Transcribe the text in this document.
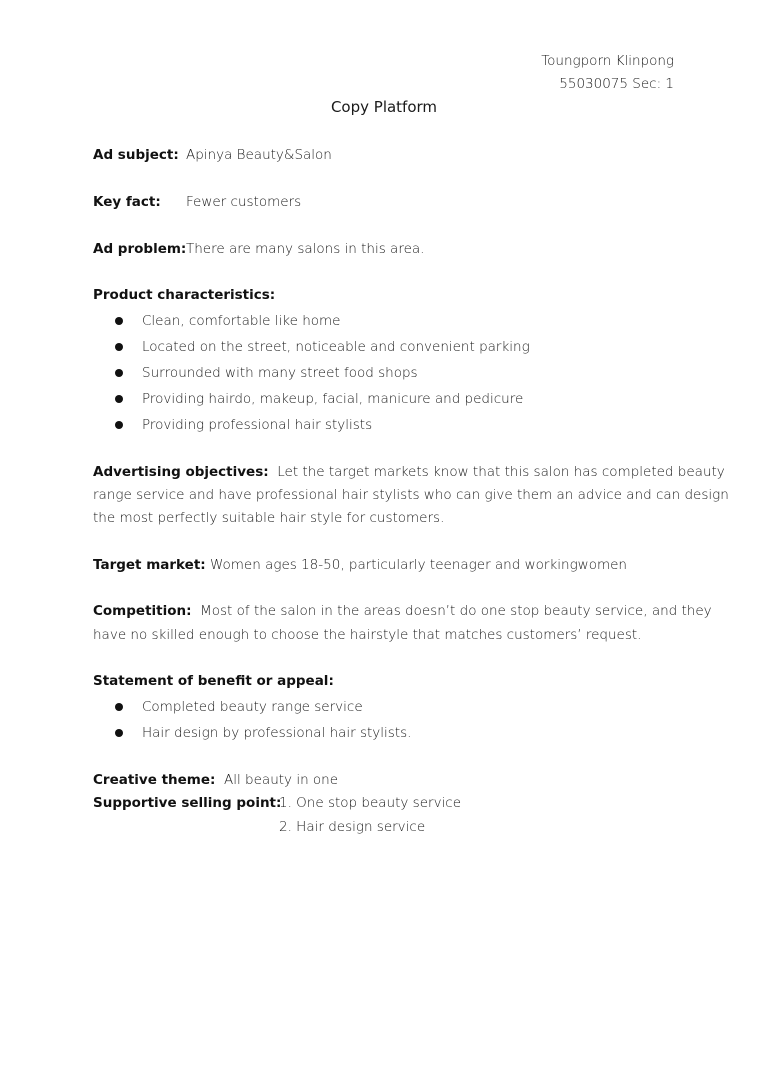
Toungporn Klinpong
55030075 Sec: 1
Copy Platform
Ad subject: Apinya Beauty&Salon
Key fact: Fewer customers
Ad problem: There are many salons in this area.
Product characteristics:
Clean, comfortable like home
Located on the street, noticeable and convenient parking
Surrounded with many street food shops
Providing hairdo, makeup, facial, manicure and pedicure
Providing professional hair stylists
Advertising objectives: Let the target markets know that this salon has completed beauty
range service and have professional hair stylists who can give them an advice and can design
the most perfectly suitable hair style for customers.
Target market: Women ages 18-50, particularly teenager and workingwomen
Competition: Most of the salon in the areas doesn’t do one stop beauty service, and they
have no skilled enough to choose the hairstyle that matches customers’ request.
Statement of benefit or appeal:
Completed beauty range service
Hair design by professional hair stylists.
Creative theme: All beauty in one
Supportive selling point:
1. One stop beauty service
2. Hair design service
